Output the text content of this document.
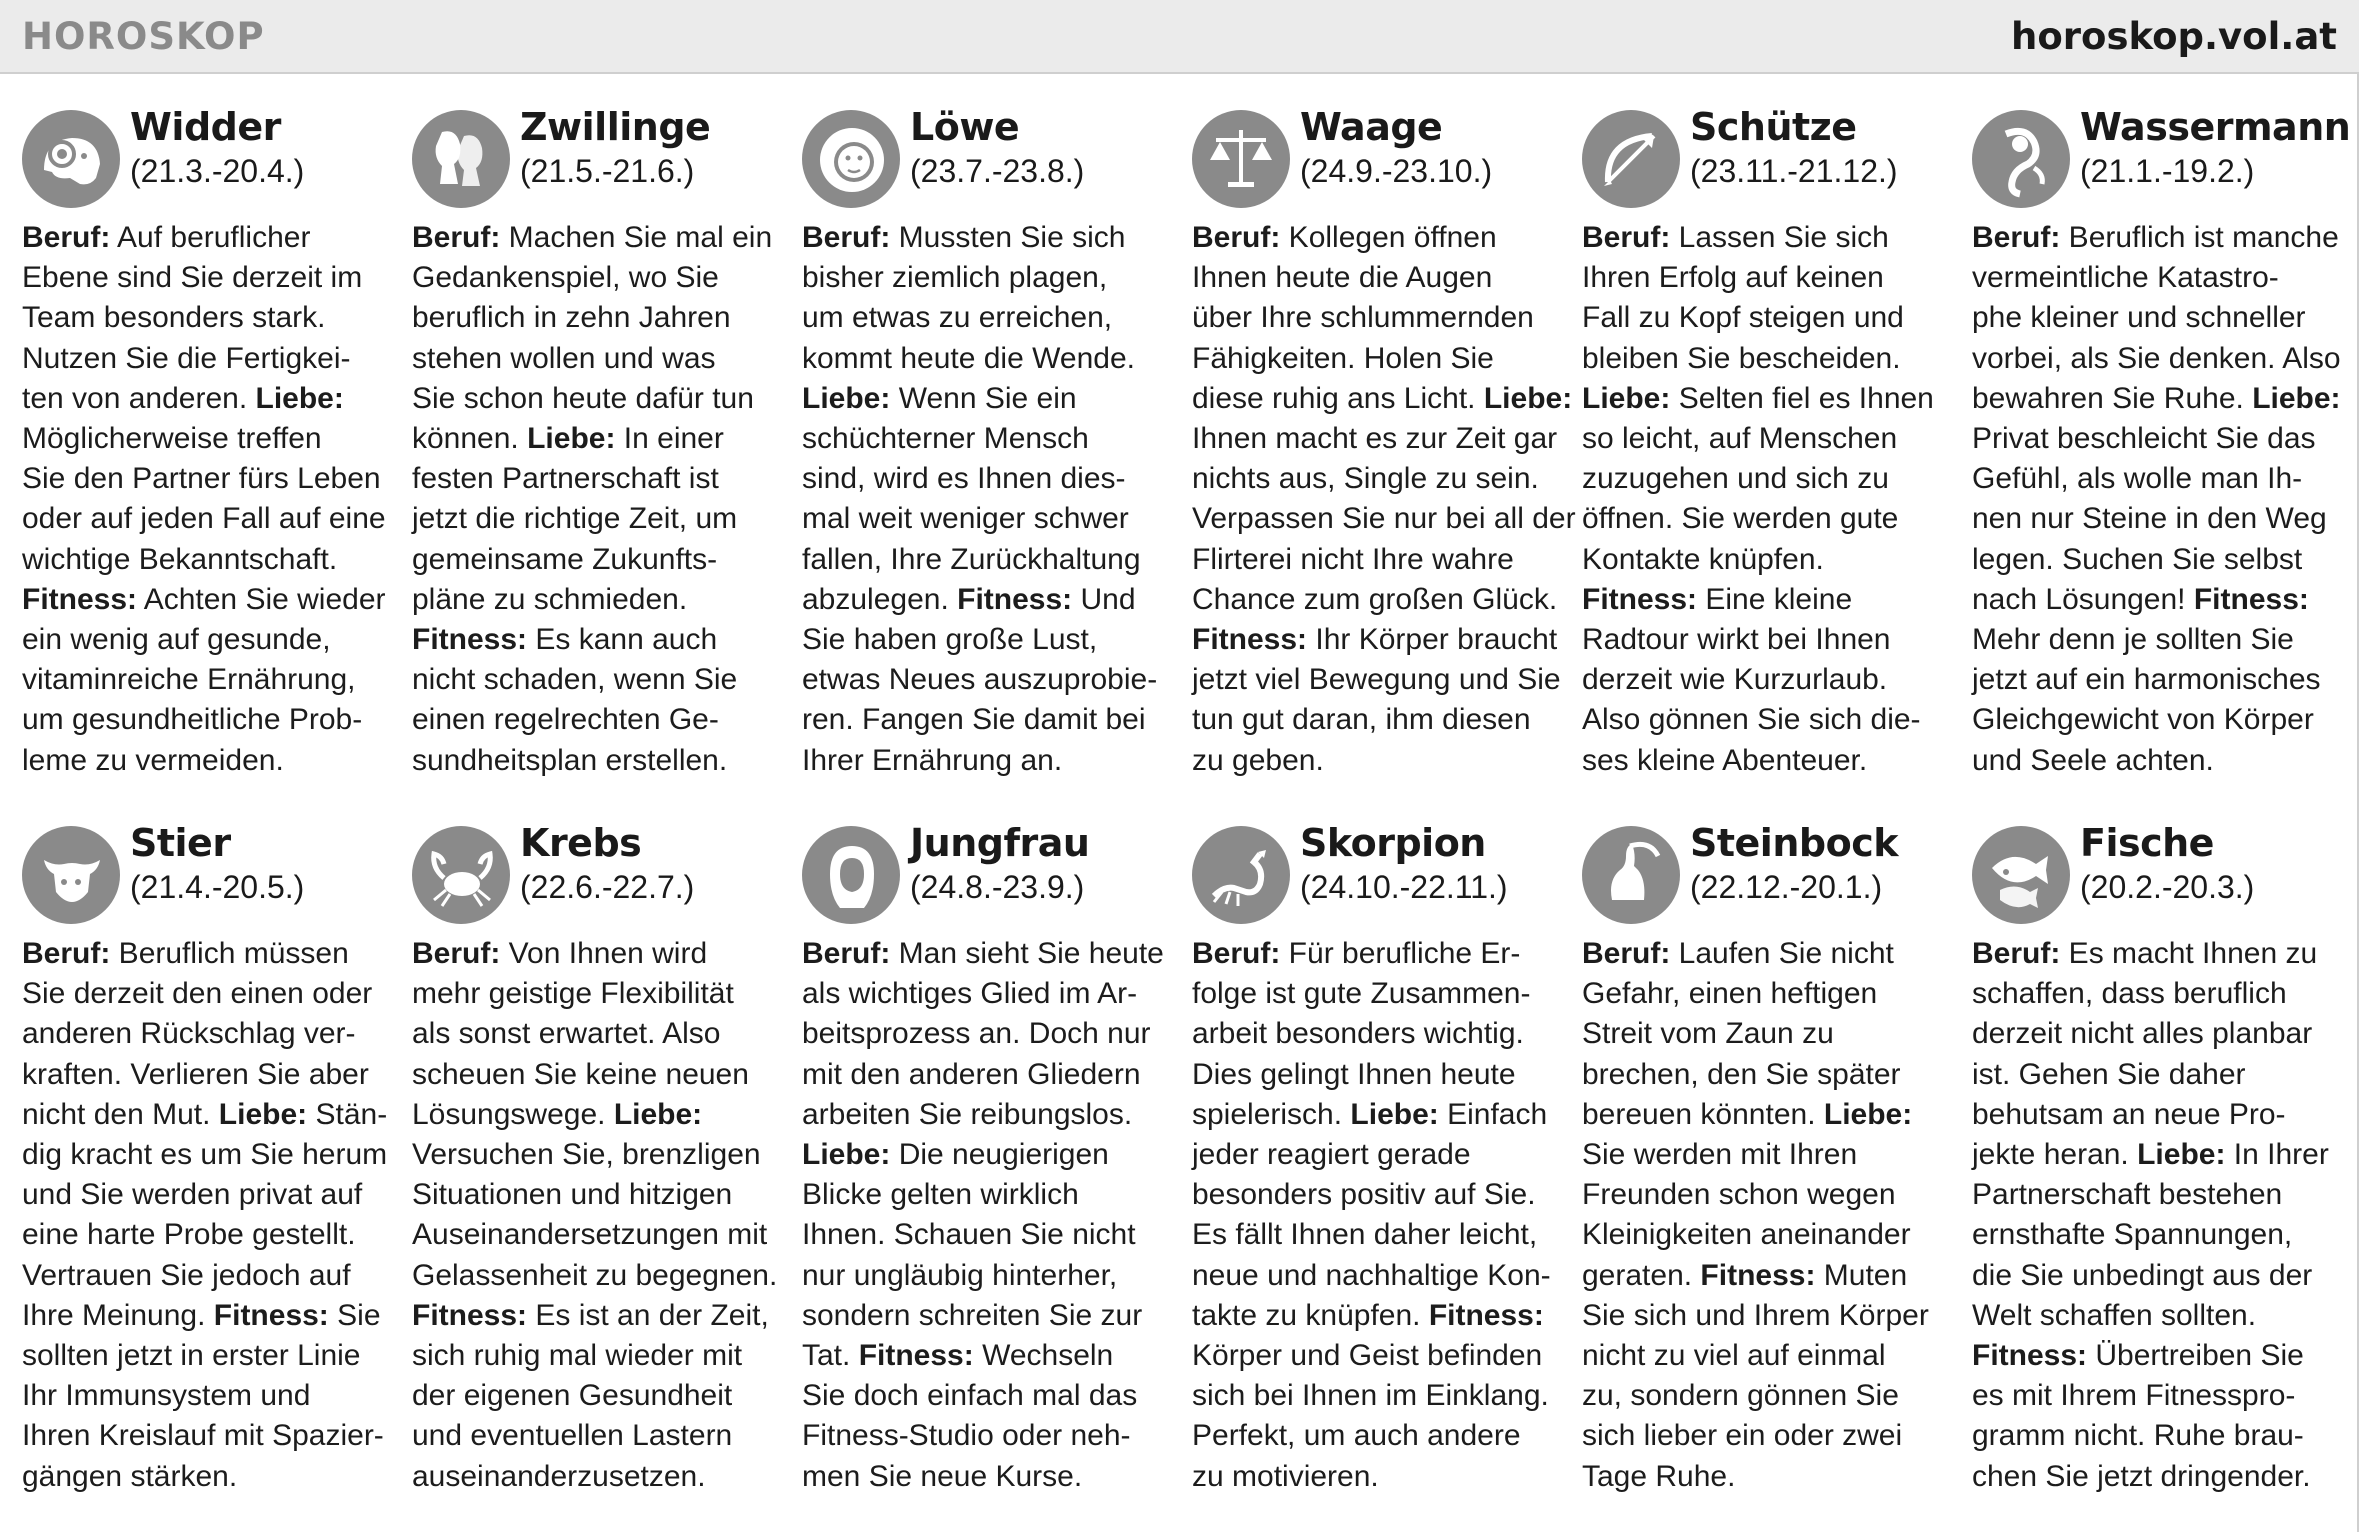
HOROSKOP	horoskop.vol.at
Widder
(21.3.-20.4.)
Beruf: Auf beruflicher
Ebene sind Sie derzeit im
Team besonders stark.
Nutzen Sie die Fertigkei-
ten von anderen. Liebe:
Möglicherweise treffen
Sie den Partner fürs Leben
oder auf jeden Fall auf eine
wichtige Bekanntschaft.
Fitness: Achten Sie wieder
ein wenig auf gesunde,
vitaminreiche Ernährung,
um gesundheitliche Prob-
leme zu vermeiden.
Zwillinge
(21.5.-21.6.)
Beruf: Machen Sie mal ein
Gedankenspiel, wo Sie
beruflich in zehn Jahren
stehen wollen und was
Sie schon heute dafür tun
können. Liebe: In einer
festen Partnerschaft ist
jetzt die richtige Zeit, um
gemeinsame Zukunfts-
pläne zu schmieden.
Fitness: Es kann auch
nicht schaden, wenn Sie
einen regelrechten Ge-
sundheitsplan erstellen.
Löwe
(23.7.-23.8.)
Beruf: Mussten Sie sich
bisher ziemlich plagen,
um etwas zu erreichen,
kommt heute die Wende.
Liebe: Wenn Sie ein
schüchterner Mensch
sind, wird es Ihnen dies-
mal weit weniger schwer
fallen, Ihre Zurückhaltung
abzulegen. Fitness: Und
Sie haben große Lust,
etwas Neues auszuprobie-
ren. Fangen Sie damit bei
Ihrer Ernährung an.
Waage
(24.9.-23.10.)
Beruf: Kollegen öffnen
Ihnen heute die Augen
über Ihre schlummernden
Fähigkeiten. Holen Sie
diese ruhig ans Licht. Liebe:
Ihnen macht es zur Zeit gar
nichts aus, Single zu sein.
Verpassen Sie nur bei all der
Flirterei nicht Ihre wahre
Chance zum großen Glück.
Fitness: Ihr Körper braucht
jetzt viel Bewegung und Sie
tun gut daran, ihm diesen
zu geben.
Schütze
(23.11.-21.12.)
Beruf: Lassen Sie sich
Ihren Erfolg auf keinen
Fall zu Kopf steigen und
bleiben Sie bescheiden.
Liebe: Selten fiel es Ihnen
so leicht, auf Menschen
zuzugehen und sich zu
öffnen. Sie werden gute
Kontakte knüpfen.
Fitness: Eine kleine
Radtour wirkt bei Ihnen
derzeit wie Kurzurlaub.
Also gönnen Sie sich die-
ses kleine Abenteuer.
Wassermann
(21.1.-19.2.)
Beruf: Beruflich ist manche
vermeintliche Katastro-
phe kleiner und schneller
vorbei, als Sie denken. Also
bewahren Sie Ruhe. Liebe:
Privat beschleicht Sie das
Gefühl, als wolle man Ih-
nen nur Steine in den Weg
legen. Suchen Sie selbst
nach Lösungen! Fitness:
Mehr denn je sollten Sie
jetzt auf ein harmonisches
Gleichgewicht von Körper
und Seele achten.
Stier
(21.4.-20.5.)
Beruf: Beruflich müssen
Sie derzeit den einen oder
anderen Rückschlag ver-
kraften. Verlieren Sie aber
nicht den Mut. Liebe: Stän-
dig kracht es um Sie herum
und Sie werden privat auf
eine harte Probe gestellt.
Vertrauen Sie jedoch auf
Ihre Meinung. Fitness: Sie
sollten jetzt in erster Linie
Ihr Immunsystem und
Ihren Kreislauf mit Spazier-
gängen stärken.
Krebs
(22.6.-22.7.)
Beruf: Von Ihnen wird
mehr geistige Flexibilität
als sonst erwartet. Also
scheuen Sie keine neuen
Lösungswege. Liebe:
Versuchen Sie, brenzligen
Situationen und hitzigen
Auseinandersetzungen mit
Gelassenheit zu begegnen.
Fitness: Es ist an der Zeit,
sich ruhig mal wieder mit
der eigenen Gesundheit
und eventuellen Lastern
auseinanderzusetzen.
Jungfrau
(24.8.-23.9.)
Beruf: Man sieht Sie heute
als wichtiges Glied im Ar-
beitsprozess an. Doch nur
mit den anderen Gliedern
arbeiten Sie reibungslos.
Liebe: Die neugierigen
Blicke gelten wirklich
Ihnen. Schauen Sie nicht
nur ungläubig hinterher,
sondern schreiten Sie zur
Tat. Fitness: Wechseln
Sie doch einfach mal das
Fitness-Studio oder neh-
men Sie neue Kurse.
Skorpion
(24.10.-22.11.)
Beruf: Für berufliche Er-
folge ist gute Zusammen-
arbeit besonders wichtig.
Dies gelingt Ihnen heute
spielerisch. Liebe: Einfach
jeder reagiert gerade
besonders positiv auf Sie.
Es fällt Ihnen daher leicht,
neue und nachhaltige Kon-
takte zu knüpfen. Fitness:
Körper und Geist befinden
sich bei Ihnen im Einklang.
Perfekt, um auch andere
zu motivieren.
Steinbock
(22.12.-20.1.)
Beruf: Laufen Sie nicht
Gefahr, einen heftigen
Streit vom Zaun zu
brechen, den Sie später
bereuen könnten. Liebe:
Sie werden mit Ihren
Freunden schon wegen
Kleinigkeiten aneinander
geraten. Fitness: Muten
Sie sich und Ihrem Körper
nicht zu viel auf einmal
zu, sondern gönnen Sie
sich lieber ein oder zwei
Tage Ruhe.
Fische
(20.2.-20.3.)
Beruf: Es macht Ihnen zu
schaffen, dass beruflich
derzeit nicht alles planbar
ist. Gehen Sie daher
behutsam an neue Pro-
jekte heran. Liebe: In Ihrer
Partnerschaft bestehen
ernsthafte Spannungen,
die Sie unbedingt aus der
Welt schaffen sollten.
Fitness: Übertreiben Sie
es mit Ihrem Fitnesspro-
gramm nicht. Ruhe brau-
chen Sie jetzt dringender.
